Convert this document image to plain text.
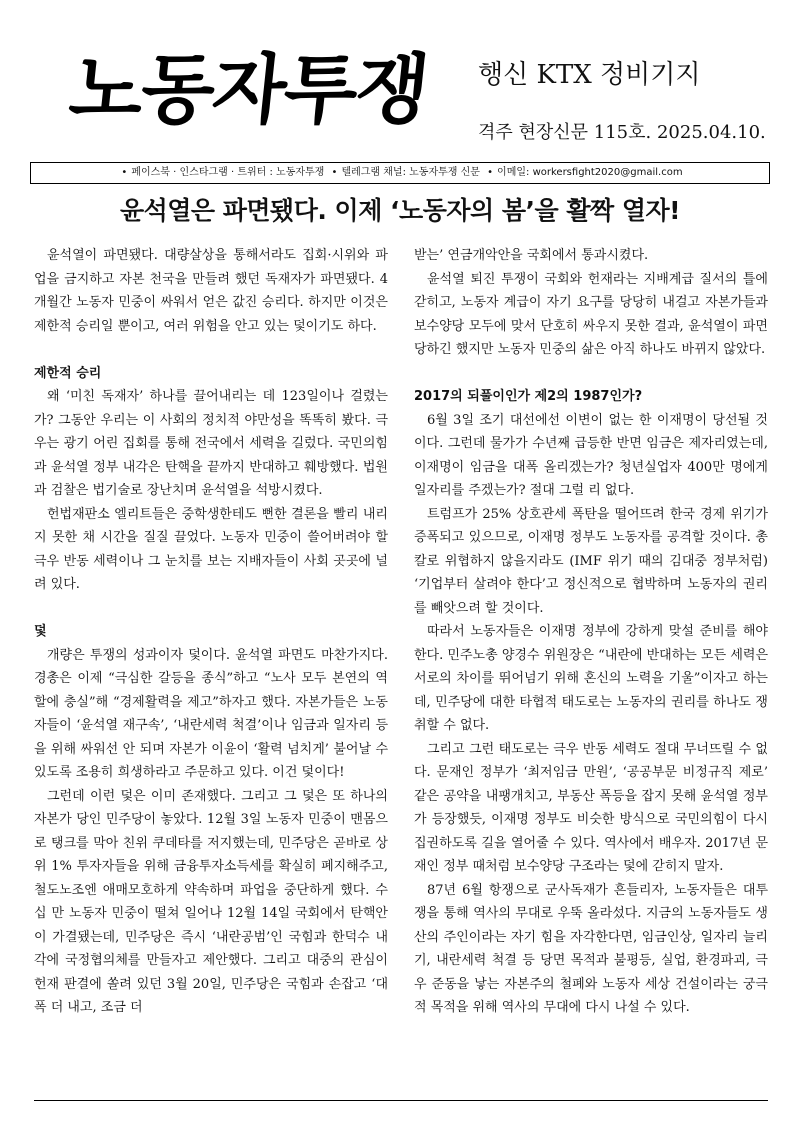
노동자투쟁 행신 KTX 정비기지
격주 현장신문 115호. 2025.04.10.
• 페이스북 · 인스타그램 · 트위터 : 노동자투쟁 • 텔레그램 채널: 노동자투쟁 신문 • 이메일: workersfight2020@gmail.com
윤석열은 파면됐다. 이제 ‘노동자의 봄’을 활짝 열자!

윤석열이 파면됐다. 대량살상을 통해서라도 집회·시위와 파업을 금지하고 자본 천국을 만들려 했던 독재자가 파면됐다. 4개월간 노동자 민중이 싸워서 얻은 값진 승리다. 하지만 이것은 제한적 승리일 뿐이고, 여러 위험을 안고 있는 덫이기도 하다.

제한적 승리

왜 ‘미친 독재자’ 하나를 끌어내리는 데 123일이나 걸렸는가? 그동안 우리는 이 사회의 정치적 야만성을 똑똑히 봤다. 극우는 광기 어린 집회를 통해 전국에서 세력을 길렀다. 국민의힘과 윤석열 정부 내각은 탄핵을 끝까지 반대하고 훼방했다. 법원과 검찰은 법기술로 장난치며 윤석열을 석방시켰다.

헌법재판소 엘리트들은 중학생한테도 뻔한 결론을 빨리 내리지 못한 채 시간을 질질 끌었다. 노동자 민중이 쓸어버려야 할 극우 반동 세력이나 그 눈치를 보는 지배자들이 사회 곳곳에 널려 있다.

덫

개량은 투쟁의 성과이자 덫이다. 윤석열 파면도 마찬가지다. 경총은 이제 “극심한 갈등을 종식”하고 “노사 모두 본연의 역할에 충실”해 “경제활력을 제고”하자고 했다. 자본가들은 노동자들이 ‘윤석열 재구속’, ‘내란세력 척결’이나 임금과 일자리 등을 위해 싸워선 안 되며 자본가 이윤이 ‘활력 넘치게’ 불어날 수 있도록 조용히 희생하라고 주문하고 있다. 이건 덫이다!

그런데 이런 덫은 이미 존재했다. 그리고 그 덫은 또 하나의 자본가 당인 민주당이 놓았다. 12월 3일 노동자 민중이 맨몸으로 탱크를 막아 친위 쿠데타를 저지했는데, 민주당은 곧바로 상위 1% 투자자들을 위해 금융투자소득세를 확실히 폐지해주고, 철도노조엔 애매모호하게 약속하며 파업을 중단하게 했다. 수십 만 노동자 민중이 떨쳐 일어나 12월 14일 국회에서 탄핵안이 가결됐는데, 민주당은 즉시 ‘내란공범’인 국힘과 한덕수 내각에 국정협의체를 만들자고 제안했다. 그리고 대중의 관심이 헌재 판결에 쏠려 있던 3월 20일, 민주당은 국힘과 손잡고 ‘대폭 더 내고, 조금 더

받는’ 연금개악안을 국회에서 통과시켰다.

윤석열 퇴진 투쟁이 국회와 헌재라는 지배계급 질서의 틀에 갇히고, 노동자 계급이 자기 요구를 당당히 내걸고 자본가들과 보수양당 모두에 맞서 단호히 싸우지 못한 결과, 윤석열이 파면당하긴 했지만 노동자 민중의 삶은 아직 하나도 바뀌지 않았다.

2017의 되풀이인가 제2의 1987인가?

6월 3일 조기 대선에선 이변이 없는 한 이재명이 당선될 것이다. 그런데 물가가 수년째 급등한 반면 임금은 제자리였는데, 이재명이 임금을 대폭 올리겠는가? 청년실업자 400만 명에게 일자리를 주겠는가? 절대 그럴 리 없다.

트럼프가 25% 상호관세 폭탄을 떨어뜨려 한국 경제 위기가 증폭되고 있으므로, 이재명 정부도 노동자를 공격할 것이다. 총칼로 위협하지 않을지라도 (IMF 위기 때의 김대중 정부처럼) ‘기업부터 살려야 한다’고 정신적으로 협박하며 노동자의 권리를 빼앗으려 할 것이다.

따라서 노동자들은 이재명 정부에 강하게 맞설 준비를 해야 한다. 민주노총 양경수 위원장은 “내란에 반대하는 모든 세력은 서로의 차이를 뛰어넘기 위해 혼신의 노력을 기울”이자고 하는데, 민주당에 대한 타협적 태도로는 노동자의 권리를 하나도 쟁취할 수 없다.

그리고 그런 태도로는 극우 반동 세력도 절대 무너뜨릴 수 없다. 문재인 정부가 ‘최저임금 만원’, ‘공공부문 비정규직 제로’ 같은 공약을 내팽개치고, 부동산 폭등을 잡지 못해 윤석열 정부가 등장했듯, 이재명 정부도 비슷한 방식으로 국민의힘이 다시 집권하도록 길을 열어줄 수 있다. 역사에서 배우자. 2017년 문재인 정부 때처럼 보수양당 구조라는 덫에 갇히지 말자.

87년 6월 항쟁으로 군사독재가 흔들리자, 노동자들은 대투쟁을 통해 역사의 무대로 우뚝 올라섰다. 지금의 노동자들도 생산의 주인이라는 자기 힘을 자각한다면, 임금인상, 일자리 늘리기, 내란세력 척결 등 당면 목적과 불평등, 실업, 환경파괴, 극우 준동을 낳는 자본주의 철폐와 노동자 세상 건설이라는 궁극적 목적을 위해 역사의 무대에 다시 나설 수 있다.
